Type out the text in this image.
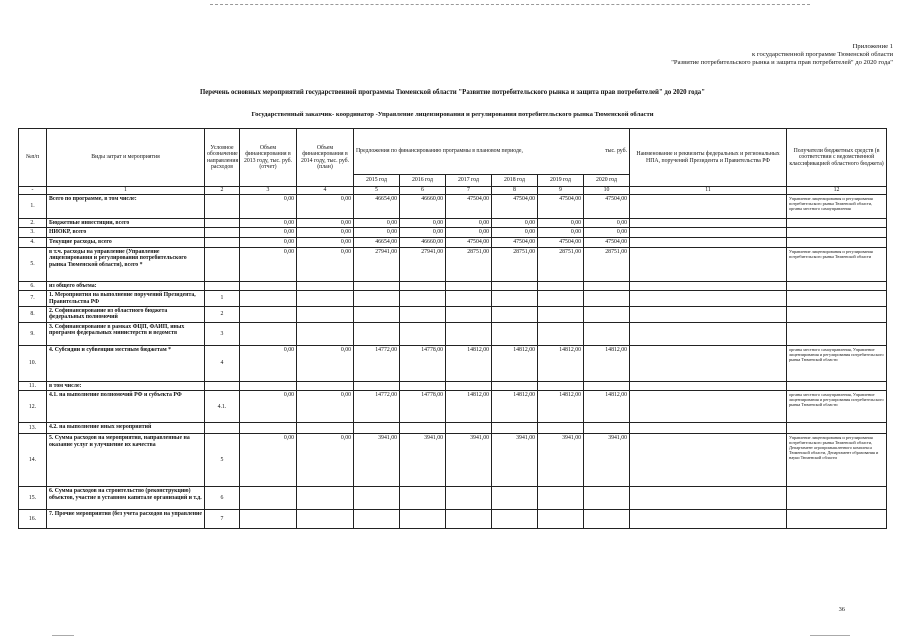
Приложение 1
к государственной программе Тюменской области
"Развитие потребительского рынка и защита прав потребителей" до 2020 года"
Перечень основных мероприятий государственной программы Тюменской области "Развитие потребительского рынка и защита прав потребителей" до 2020 года"
Государственный заказчик- координатор -Управление лицензирования и регулирования потребительского рынка Тюменской области
№п/п	Виды затрат и мероприятия	Условное обозначение направления расходов	Объем финансирования в 2013 году, тыс. руб. (отчет)	Объем финансирования в 2014 году, тыс. руб. (план)	Предложения по финансированию программы в плановом периоде, тыс. руб.						Наименование и реквизиты федеральных и региональных НПА, поручений Президента и Правительства РФ	Получатели бюджетных средств (в соответствии с ведомственной классификацией областного бюджета)
					2015 год	2016 год	2017 год	2018 год	2019 год	2020 год		
-	1	2	3	4	5	6	7	8	9	10	11	12
1.	Всего по программе, в том числе:		0,00	0,00	46654,00	46660,00	47504,00	47504,00	47504,00	47504,00		Управление лицензирования и регулирования потребительского рынка Тюменской области, органы местного самоуправления
2.	Бюджетные инвестиции, всего		0,00	0,00	0,00	0,00	0,00	0,00	0,00	0,00		
3.	НИОКР, всего		0,00	0,00	0,00	0,00	0,00	0,00	0,00	0,00		
4.	Текущие расходы, всего		0,00	0,00	46654,00	46660,00	47504,00	47504,00	47504,00	47504,00		
5.	в т.ч. расходы на управление (Управление лицензирования и регулирования потребительского рынка Тюменской области), всего *		0,00	0,00	27941,00	27941,00	28751,00	28751,00	28751,00	28751,00		Управление лицензирования и регулирования потребительского рынка Тюменской области
6.	из общего объема:											
7.	1. Мероприятия на выполнение поручений Президента, Правительства РФ	1										
8.	2. Софинансирование из областного бюджета федеральных полномочий	2										
9.	3. Софинансирование в рамках ФЦП, ФАИП, иных программ федеральных министерств и ведомств	3										
10.	4. Субсидии и субвенции местным бюджетам *	4	0,00	0,00	14772,00	14778,00	14812,00	14812,00	14812,00	14812,00		органы местного самоуправления, Управление лицензирования и регулирования потребительского рынка Тюменской области
11.	в том числе:											
12.	4.1. на выполнение полномочий РФ и субъекта РФ	4.1.	0,00	0,00	14772,00	14778,00	14812,00	14812,00	14812,00	14812,00		органы местного самоуправления, Управление лицензирования и регулирования потребительского рынка Тюменской области
13.	4.2. на выполнение иных мероприятий											
14.	5. Сумма расходов на мероприятия, направленные на оказание услуг и улучшение их качества	5	0,00	0,00	3941,00	3941,00	3941,00	3941,00	3941,00	3941,00		Управление лицензирования и регулирования потребительского рынка Тюменской области, Департамент агропромышленного комплекса Тюменской области, Департамент образования и науки Тюменской области
15.	6. Сумма расходов на строительство (реконструкцию) объектов, участие в уставном капитале организаций и т.д.	6										
16.	7. Прочие мероприятия (без учета расходов на управление	7										
36
